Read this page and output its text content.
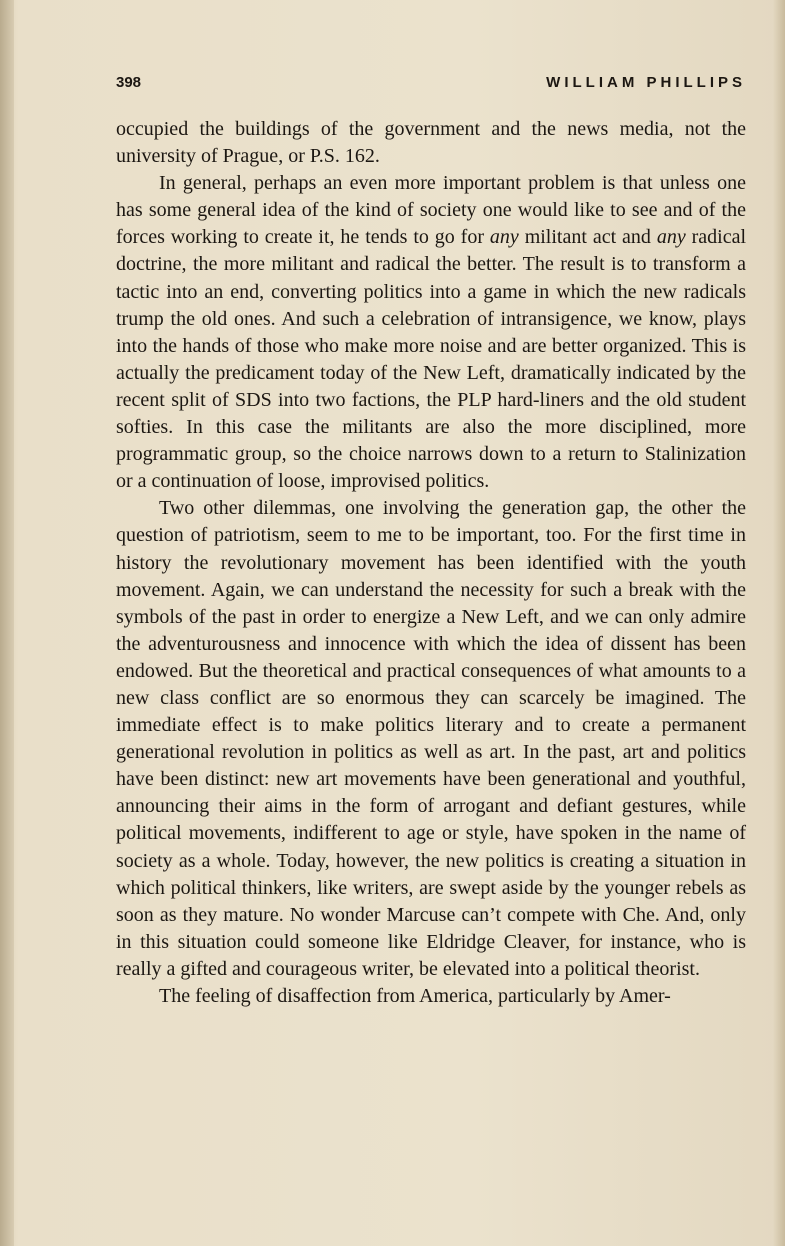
398	WILLIAM PHILLIPS

occupied the buildings of the government and the news media, not the university of Prague, or P.S. 162.

In general, perhaps an even more important problem is that unless one has some general idea of the kind of society one would like to see and of the forces working to create it, he tends to go for any militant act and any radical doctrine, the more militant and radical the better. The result is to transform a tactic into an end, converting politics into a game in which the new radicals trump the old ones. And such a celebration of intransigence, we know, plays into the hands of those who make more noise and are better organized. This is actually the predicament today of the New Left, dramatically indicated by the recent split of SDS into two factions, the PLP hard-liners and the old student softies. In this case the militants are also the more disciplined, more programmatic group, so the choice narrows down to a return to Stalinization or a continuation of loose, improvised politics.

Two other dilemmas, one involving the generation gap, the other the question of patriotism, seem to me to be important, too. For the first time in history the revolutionary movement has been identified with the youth movement. Again, we can understand the necessity for such a break with the symbols of the past in order to energize a New Left, and we can only admire the adventurousness and innocence with which the idea of dissent has been endowed. But the theoretical and practical consequences of what amounts to a new class conflict are so enormous they can scarcely be imagined. The immediate effect is to make politics literary and to create a permanent generational revolution in politics as well as art. In the past, art and politics have been distinct: new art movements have been generational and youthful, announcing their aims in the form of arrogant and defiant gestures, while political movements, indifferent to age or style, have spoken in the name of society as a whole. Today, however, the new politics is creating a situation in which political thinkers, like writers, are swept aside by the younger rebels as soon as they mature. No wonder Marcuse can’t compete with Che. And, only in this situation could someone like Eldridge Cleaver, for instance, who is really a gifted and courageous writer, be elevated into a political theorist.

The feeling of disaffection from America, particularly by Amer-
